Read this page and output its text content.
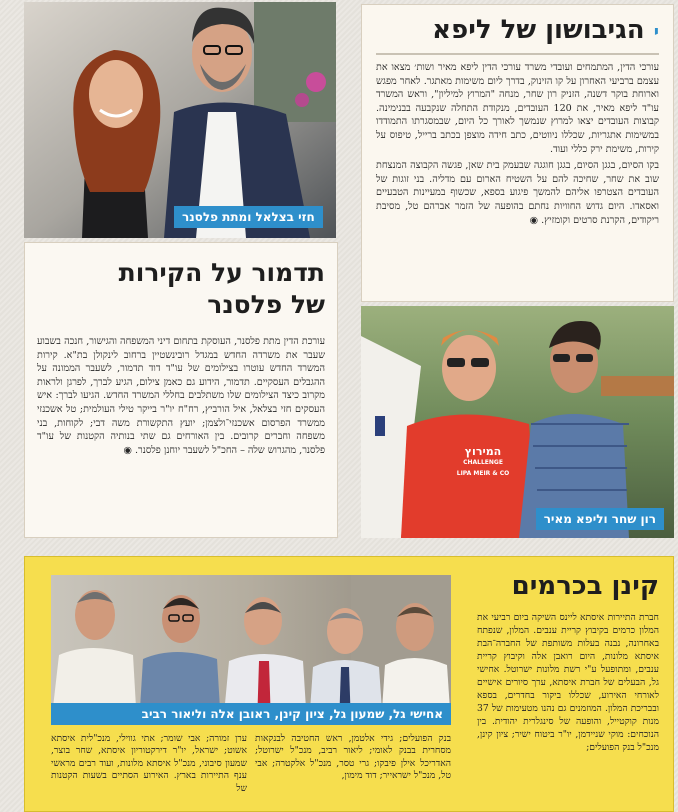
י הגיבושון של ליפא

עורכי הדין, המתמחים ועובדי משרד עורכי הדין ליפא מאיר ושות׳ מצאו את עצמם ברביעי האחרון על קו הזינוק, בדרך ליום משימות מאתגר. לאחר מפגש וארוחת בוקר דשנה, הזניק רון שחר, מנחה "המרוץ למיליון", וראש המשרד עו"ד ליפא מאיר, את 120 העובדים, מנקודת התחלה שנקבעה בבנימינה. קבוצות העובדים יצאו למרוץ שנמשך לאורך כל היום, שבמסגרתו התמודדו במשימות אתגריות, שכללו ניווטים, כתב חידה מוצפן בכתב ברייל, טיפוס על קירות, משימת ירק כללי ועוד.

בקו הסיום, בגגן הסיום, בגגן חוגגה שבעמק בית שאן, פגשה הקבוצה המנצחת שוב את שחר, שחיכה להם על השטיח הארום עם מדליה. בני זוגות של העובדים הצטרפו אליהם להמשך פיגוע בספא, שכשוף במעיינות הטבעיים ואסאדו. היום גדוש החוויות נחתם בהופעה של הזמר אברהם טל, מסיבת ריקודים, הקרנת סרטים וקומזיץ. ◉

חזי בצלאל ומתת פלסנר
תדמור על הקירות
של פלסנר

עורכת הדין מתת פלסנר, העוסקת בתחום דיני המשפחה והגישור, חנכה בשבוע שעבר את משרדה החדש במגדל רובינשטיין ברחוב לינקולן בת"א. קירות המשרד החדש עוטרו בצילומים של עו"ד דוד תדמור, לשעבר הממונה על ההגבלים העסקיים. תדמור, הידוע גם כאמן צילום, הגיע לברך, לפרגן ולראות מקרוב כיצד הצילומים שלו משתלבים בחללי המשרד החדש. הגיעו לברך: איש העסקים חזי בצלאל, איל הורביץ, רח"ח יו"ר בייקר טילי העולמית; טל אשכנזי ממשרד הפרסום אשכנזי־ולצמן; יועץ התקשורת משה דבי; לקוחות, בני משפחה וחברים קרובים. בין האורחים גם שתי בנותיה הקטנות של עו"ד פלסנר, מהגרוש שלה – החכ"ל לשעבר יוחנן פלסנר. ◉	המירוץ
CHALLENGE
LIPA MEIR & CO
רון שחר וליפא מאיר
קינן בכרמים

חברת התיירות איסתא ליינס השיקה ביום רביעי את המלון כרמים בקיבוץ קריית ענבים. המלון, שנפתח באחרונה, נבנה בעלות משותפת של החברה־הבת איסתא מלונות, היום רואבן אלה וקיבוץ קריית ענבים, ומתופעל ע"י רשת מלונות ישרוטל. אחישי גל, הבעלים של חברת איסתא, ערך סיורים אישיים לאורחי האירוע, שכללו ביקור בחדרים, בספא ובבריכת המלון. המוזמנים גם נהנו מטעימות של 37 מנות קוקטייל, והופעה של סינגלרית יהודית. בין הנוכחים: מוקי שניידמן, יו"ר ביטוח ישיר; ציון קינן, מנכ"ל בנק הפועלים;

אחישי גל, שמעון גל, ציון קינן, ראובן אלה וליאור רביב
בנק הפועלים; גידי אלטמן, ראש החטיבה לבנקאות מסחרית בבנק לאומי; ליאור רביב, מנכ"ל ישרוטל; האדריכל אילן פיבקו; גרי טסר, מנכ"ל אלקטרה; אבי טל, מנכ"ל ישראייר; דוד מימון,
ערן זמורה; אבי שומר; אתי גווילי, מנכ"לית איסתא אשוט; ישראל, יו"ר דירקטוריון איסתא, שחר בוצר, שמעון סיבוני, מנכ"ל איסתא מלונות, ועוד רבים מראשי ענף התיירות בארץ. האירוע הסתיים בשעות הקטנות של
